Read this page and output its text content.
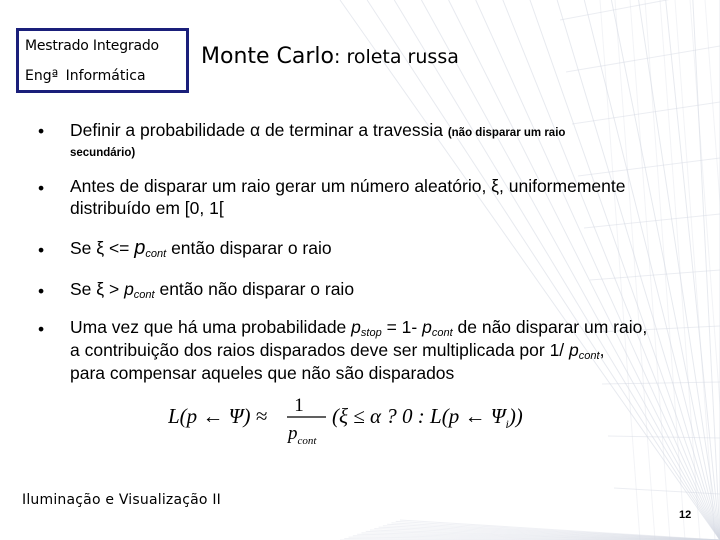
Mestrado Integrado
Engª Informática
Monte Carlo: roleta russa
• Definir a probabilidade α de terminar a travessia (não disparar um raio
secundário)
• Antes de disparar um raio gerar um número aleatório, ξ, uniformemente
distribuído em [0, 1[
• Se ξ <= pcont então disparar o raio
• Se ξ > pcont então não disparar o raio
• Uma vez que há uma probabilidade pstop = 1- pcont de não disparar um raio,
a contribuição dos raios disparados deve ser multiplicada por 1/ pcont,
para compensar aqueles que não são disparados
L(p ← Ψ) ≈ 1
$p_{cont}$
(ξ ≤ α ? 0 : L(p ← $\Psi_i$))
Iluminação e Visualização II
12
